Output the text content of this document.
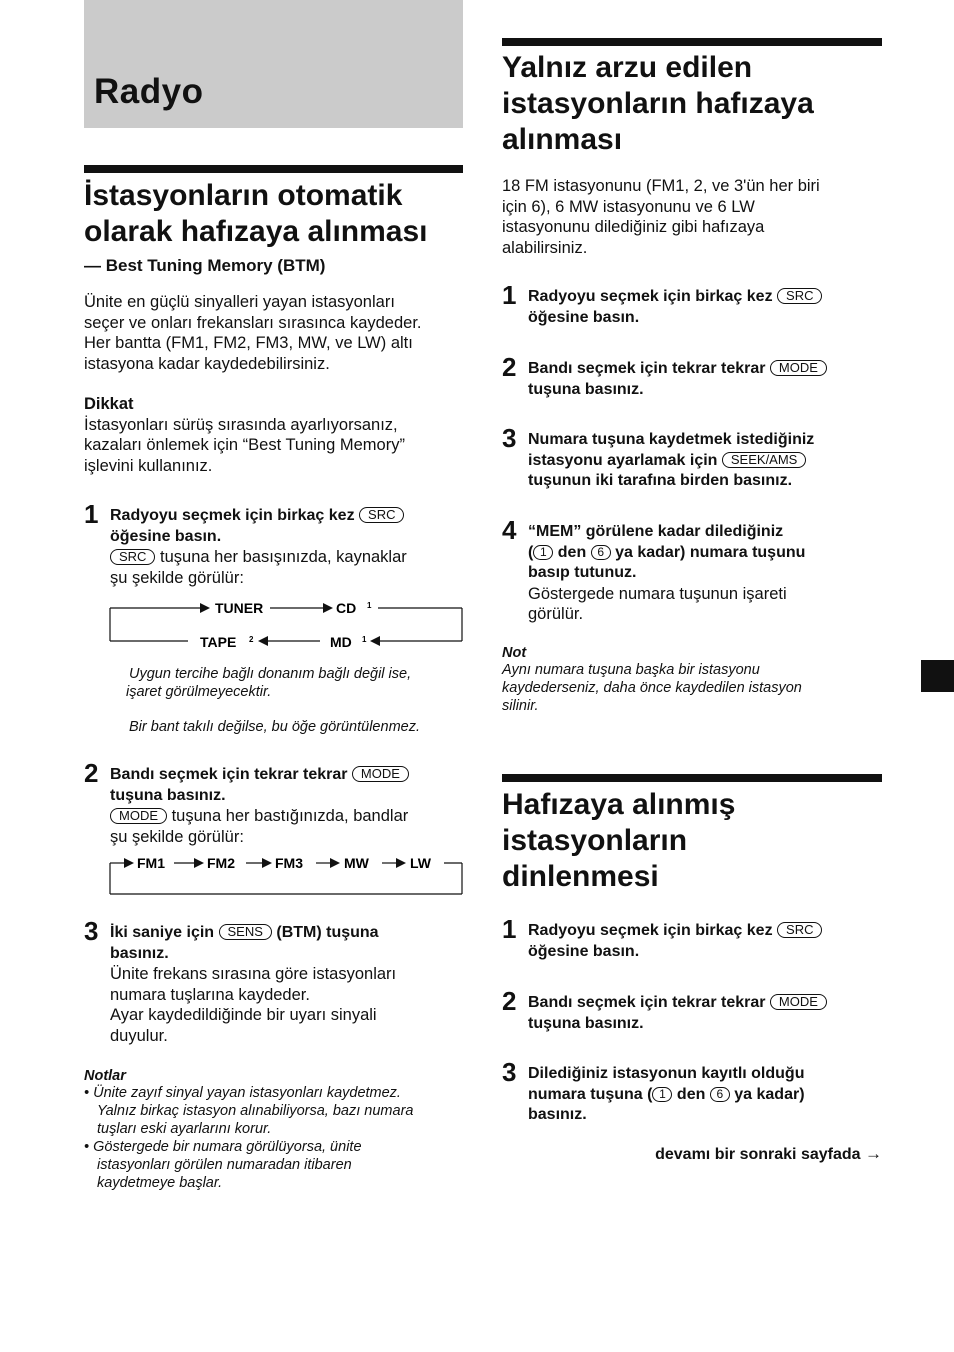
Radyo
İstasyonların otomatik
olarak hafızaya alınması
— Best Tuning Memory (BTM)
Ünite en güçlü sinyalleri yayan istasyonları
seçer ve onları frekansları sırasınca kaydeder.
Her bantta (FM1, FM2, FM3, MW, ve LW) altı
istasyona kadar kaydedebilirsiniz.
Dikkat
İstasyonları sürüş sırasında ayarlıyorsanız,
kazaları önlemek için “Best Tuning Memory”
işlevini kullanınız.
1 Radyoyu seçmek için birkaç kez SRC
öğesine basın.
SRC tuşuna her basışınızda, kaynaklar
şu şekilde görülür:
TUNER	CD 1
MD 1
TAPE 2
Uygun tercihe bağlı donanım bağlı değil ise,
işaret görülmeyecektir.
Bir bant takılı değilse, bu öğe görüntülenmez.
2 Bandı seçmek için tekrar tekrar MODE
tuşuna basınız.
MODE tuşuna her bastığınızda, bandlar
şu şekilde görülür:
FM1	FM2	FM3	MW	LW
3 İki saniye için SENS (BTM) tuşuna
basınız.
Ünite frekans sırasına göre istasyonları
numara tuşlarına kaydeder.
Ayar kaydedildiğinde bir uyarı sinyali
duyulur.
Notlar
• Ünite zayıf sinyal yayan istasyonları kaydetmez.
Yalnız birkaç istasyon alınabiliyorsa, bazı numara
tuşları eski ayarlarını korur.
• Göstergede bir numara görülüyorsa, ünite
istasyonları görülen numaradan itibaren
kaydetmeye başlar.
Yalnız arzu edilen
istasyonların hafızaya
alınması
18 FM istasyonunu (FM1, 2, ve 3'ün her biri
için 6), 6 MW istasyonunu ve 6 LW
istasyonunu dilediğiniz gibi hafızaya
alabilirsiniz.
1 Radyoyu seçmek için birkaç kez SRC
öğesine basın.
2 Bandı seçmek için tekrar tekrar MODE
tuşuna basınız.
3 Numara tuşuna kaydetmek istediğiniz
istasyonu ayarlamak için SEEK/AMS
tuşunun iki tarafına birden basınız.
4 “MEM” görülene kadar dilediğiniz
( 1 den 6 ya kadar) numara tuşunu
basıp tutunuz.
Göstergede numara tuşunun işareti
görülür.
Not
Aynı numara tuşuna başka bir istasyonu
kaydederseniz, daha önce kaydedilen istasyon
silinir.
Hafızaya alınmış
istasyonların
dinlenmesi
1 Radyoyu seçmek için birkaç kez SRC
öğesine basın.
2 Bandı seçmek için tekrar tekrar MODE
tuşuna basınız.
3 Dilediğiniz istasyonun kayıtlı olduğu
numara tuşuna ( 1 den 6 ya kadar)
basınız.
devamı bir sonraki sayfada →
